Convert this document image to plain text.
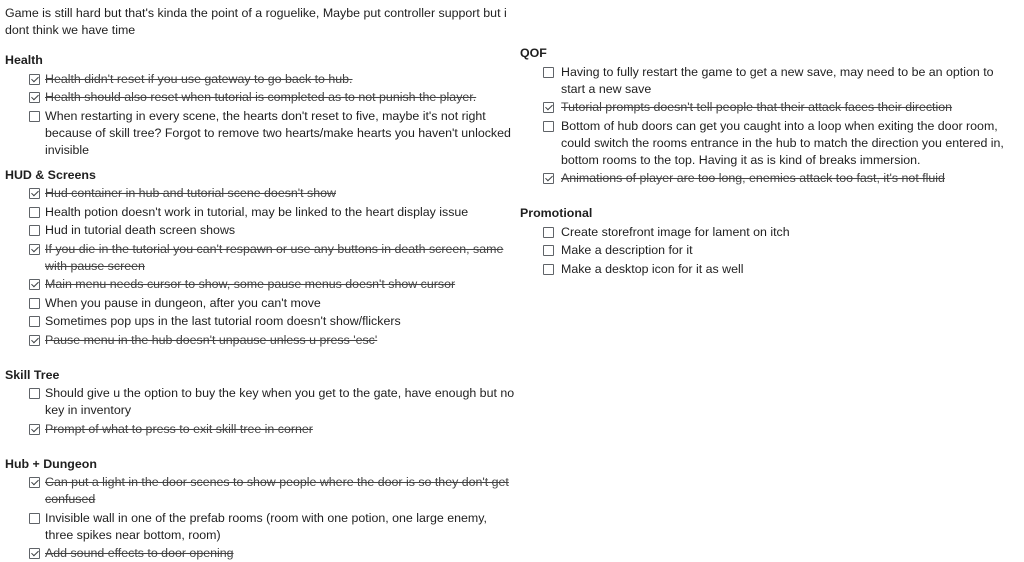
Game is still hard but that's kinda the point of a roguelike, Maybe put controller support but i dont think we have time
Health
Health didn't reset if you use gateway to go back to hub.
Health should also reset when tutorial is completed as to not punish the player.
When restarting in every scene, the hearts don't reset to five, maybe it's not right because of skill tree? Forgot to remove two hearts/make hearts you haven't unlocked invisible
HUD & Screens
Hud container in hub and tutorial scene doesn't show
Health potion doesn't work in tutorial, may be linked to the heart display issue
Hud in tutorial death screen shows
If you die in the tutorial you can't respawn or use any buttons in death screen, same with pause screen
Main menu needs cursor to show, some pause menus doesn't show cursor
When you pause in dungeon, after you can't move
Sometimes pop ups in the last tutorial room doesn't show/flickers
Pause menu in the hub doesn't unpause unless u press 'esc'
Skill Tree
Should give u the option to buy the key when you get to the gate, have enough but no key in inventory
Prompt of what to press to exit skill tree in corner
Hub + Dungeon
Can put a light in the door scenes to show people where the door is so they don't get confused
Invisible wall in one of the prefab rooms (room with one potion, one large enemy, three spikes near bottom, room)
Add sound effects to door opening
QOF
Having to fully restart the game to get a new save, may need to be an option to start a new save
Tutorial prompts doesn't tell people that their attack faces their direction
Bottom of hub doors can get you caught into a loop when exiting the door room, could switch the rooms entrance in the hub to match the direction you entered in, bottom rooms to the top. Having it as is kind of breaks immersion.
Animations of player are too long, enemies attack too fast, it's not fluid
Promotional
Create storefront image for lament on itch
Make a description for it
Make a desktop icon for it as well
